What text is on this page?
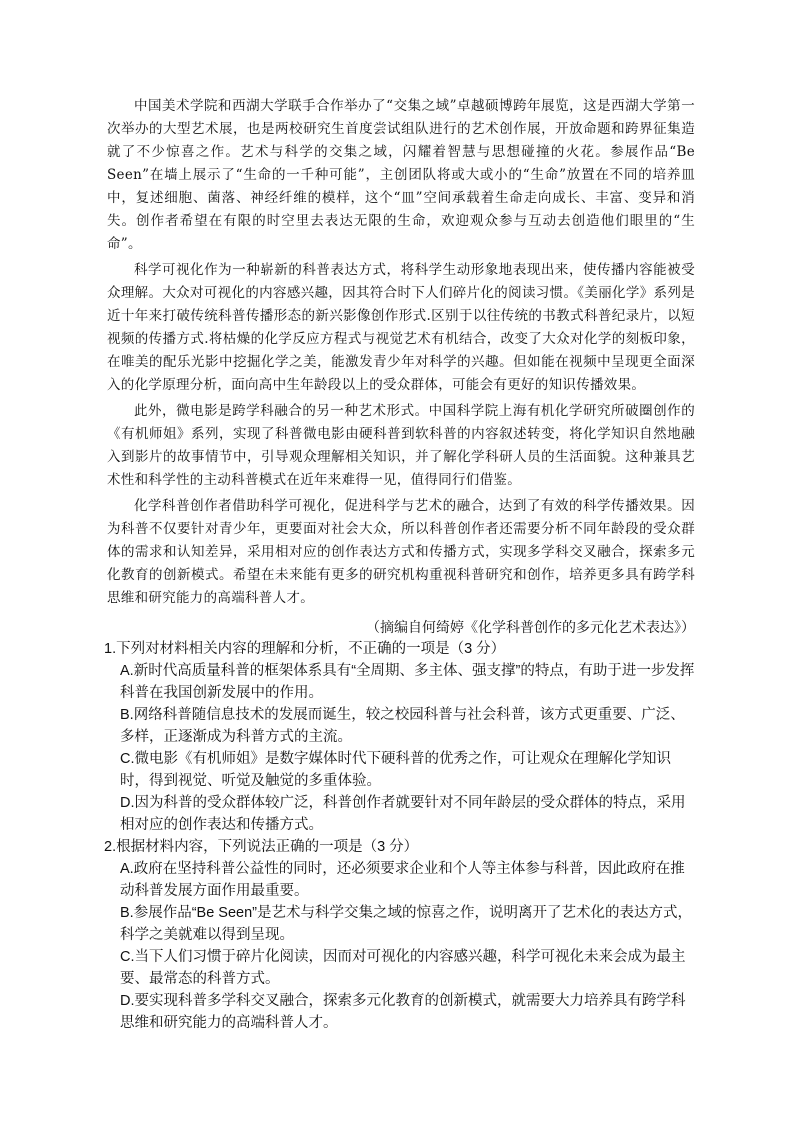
中国美术学院和西湖大学联手合作举办了“交集之域”卓越硕博跨年展览，这是西湖大学第一次举办的大型艺术展，也是两校研究生首度尝试组队进行的艺术创作展，开放命题和跨界征集造就了不少惊喜之作。艺术与科学的交集之域，闪耀着智慧与思想碰撞的火花。参展作品“Be Seen”在墙上展示了“生命的一千种可能”，主创团队将或大或小的“生命”放置在不同的培养皿中，复述细胞、菌落、神经纤维的模样，这个“皿”空间承载着生命走向成长、丰富、变异和消失。创作者希望在有限的时空里去表达无限的生命，欢迎观众参与互动去创造他们眼里的“生命”。

科学可视化作为一种崭新的科普表达方式，将科学生动形象地表现出来，使传播内容能被受众理解。大众对可视化的内容感兴趣，因其符合时下人们碎片化的阅读习惯。《美丽化学》系列是近十年来打破传统科普传播形态的新兴影像创作形式.区别于以往传统的书教式科普纪录片，以短视频的传播方式.将枯燥的化学反应方程式与视觉艺术有机结合，改变了大众对化学的刻板印象，在唯美的配乐光影中挖掘化学之美，能激发青少年对科学的兴趣。但如能在视频中呈现更全面深入的化学原理分析，面向高中生年龄段以上的受众群体，可能会有更好的知识传播效果。

此外，微电影是跨学科融合的另一种艺术形式。中国科学院上海有机化学研究所破圈创作的《有机师姐》系列，实现了科普微电影由硬科普到软科普的内容叙述转变，将化学知识自然地融入到影片的故事情节中，引导观众理解相关知识，并了解化学科研人员的生活面貌。这种兼具艺术性和科学性的主动科普模式在近年来难得一见，值得同行们借鉴。

化学科普创作者借助科学可视化，促进科学与艺术的融合，达到了有效的科学传播效果。因为科普不仅要针对青少年，更要面对社会大众，所以科普创作者还需要分析不同年龄段的受众群体的需求和认知差异，采用相对应的创作表达方式和传播方式，实现多学科交叉融合，探索多元化教育的创新模式。希望在未来能有更多的研究机构重视科普研究和创作，培养更多具有跨学科思维和研究能力的高端科普人才。

（摘编自何绮婷《化学科普创作的多元化艺术表达》）

1.下列对材料相关内容的理解和分析，不正确的一项是（3 分）

A.新时代高质量科普的框架体系具有“全周期、多主体、强支撑”的特点，有助于进一步发挥科普在我国创新发展中的作用。

B.网络科普随信息技术的发展而诞生，较之校园科普与社会科普，该方式更重要、广泛、多样，正逐渐成为科普方式的主流。

C.微电影《有机师姐》是数字媒体时代下硬科普的优秀之作，可让观众在理解化学知识时，得到视觉、听觉及触觉的多重体验。

D.因为科普的受众群体较广泛，科普创作者就要针对不同年龄层的受众群体的特点，采用相对应的创作表达和传播方式。

2.根据材料内容，下列说法正确的一项是（3 分）

A.政府在坚持科普公益性的同时，还必须要求企业和个人等主体参与科普，因此政府在推动科普发展方面作用最重要。

B.参展作品“Be Seen”是艺术与科学交集之域的惊喜之作，说明离开了艺术化的表达方式，科学之美就难以得到呈现。

C.当下人们习惯于碎片化阅读，因而对可视化的内容感兴趣，科学可视化未来会成为最主要、最常态的科普方式。

D.要实现科普多学科交叉融合，探索多元化教育的创新模式，就需要大力培养具有跨学科思维和研究能力的高端科普人才。
